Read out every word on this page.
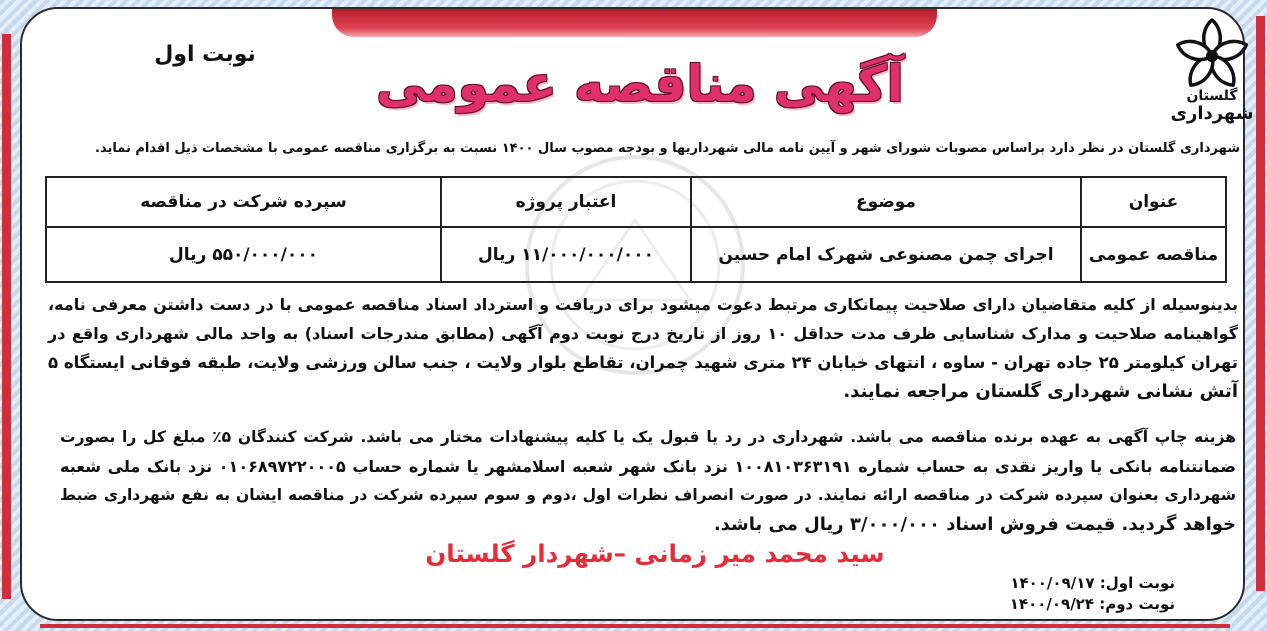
گلستان
شهرداری
نوبت اول
آگهی مناقصه عمومی
شهرداری گلستان در نظر دارد براساس مصوبات شورای شهر و آیین نامه مالی شهرداریها و بودجه مصوب سال ۱۴۰۰ نسبت به برگزاری مناقصه عمومی با مشخصات ذیل اقدام نماید.
عنوان	موضوع	اعتبار پروژه	سپرده شرکت در مناقصه
مناقصه عمومی	اجرای چمن مصنوعی شهرک امام حسین	۱۱/۰۰۰/۰۰۰/۰۰۰ ریال	۵۵۰/۰۰۰/۰۰۰ ریال
بدینوسیله از کلیه متقاضیان دارای صلاحیت پیمانکاری مرتبط دعوت میشود برای دریافت و استرداد اسناد مناقصه عمومی با در دست داشتن معرفی نامه،
گواهینامه صلاحیت و مدارک شناسایی ظرف مدت حداقل ۱۰ روز از تاریخ درج نوبت دوم آگهی (مطابق مندرجات اسناد) به واحد مالی شهرداری واقع در
تهران کیلومتر ۲۵ جاده تهران - ساوه ، انتهای خیابان ۲۴ متری شهید چمران، تقاطع بلوار ولایت ، جنب سالن ورزشی ولایت، طبقه فوقانی ایستگاه ۵
آتش نشانی شهرداری گلستان مراجعه نمایند.
هزینه چاپ آگهی به عهده برنده مناقصه می باشد. شهرداری در رد یا قبول یک یا کلیه پیشنهادات مختار می باشد. شرکت کنندگان ۵٪ مبلغ کل را بصورت
ضمانتنامه بانکی یا واریز نقدی به حساب شماره ۱۰۰۸۱۰۳۶۳۱۹۱ نزد بانک شهر شعبه اسلامشهر یا شماره حساب ۰۱۰۶۸۹۷۲۲۰۰۰۵ نزد بانک ملی شعبه
شهرداری بعنوان سپرده شرکت در مناقصه ارائه نمایند. در صورت انصراف نظرات اول ،دوم و سوم سپرده شرکت در مناقصه ایشان به نفع شهرداری ضبط
خواهد گردید. قیمت فروش اسناد ۳/۰۰۰/۰۰۰ ریال می باشد.
سید محمد میر زمانی –شهردار گلستان
نوبت اول: ۱۴۰۰/۰۹/۱۷
نوبت دوم: ۱۴۰۰/۰۹/۲۴
